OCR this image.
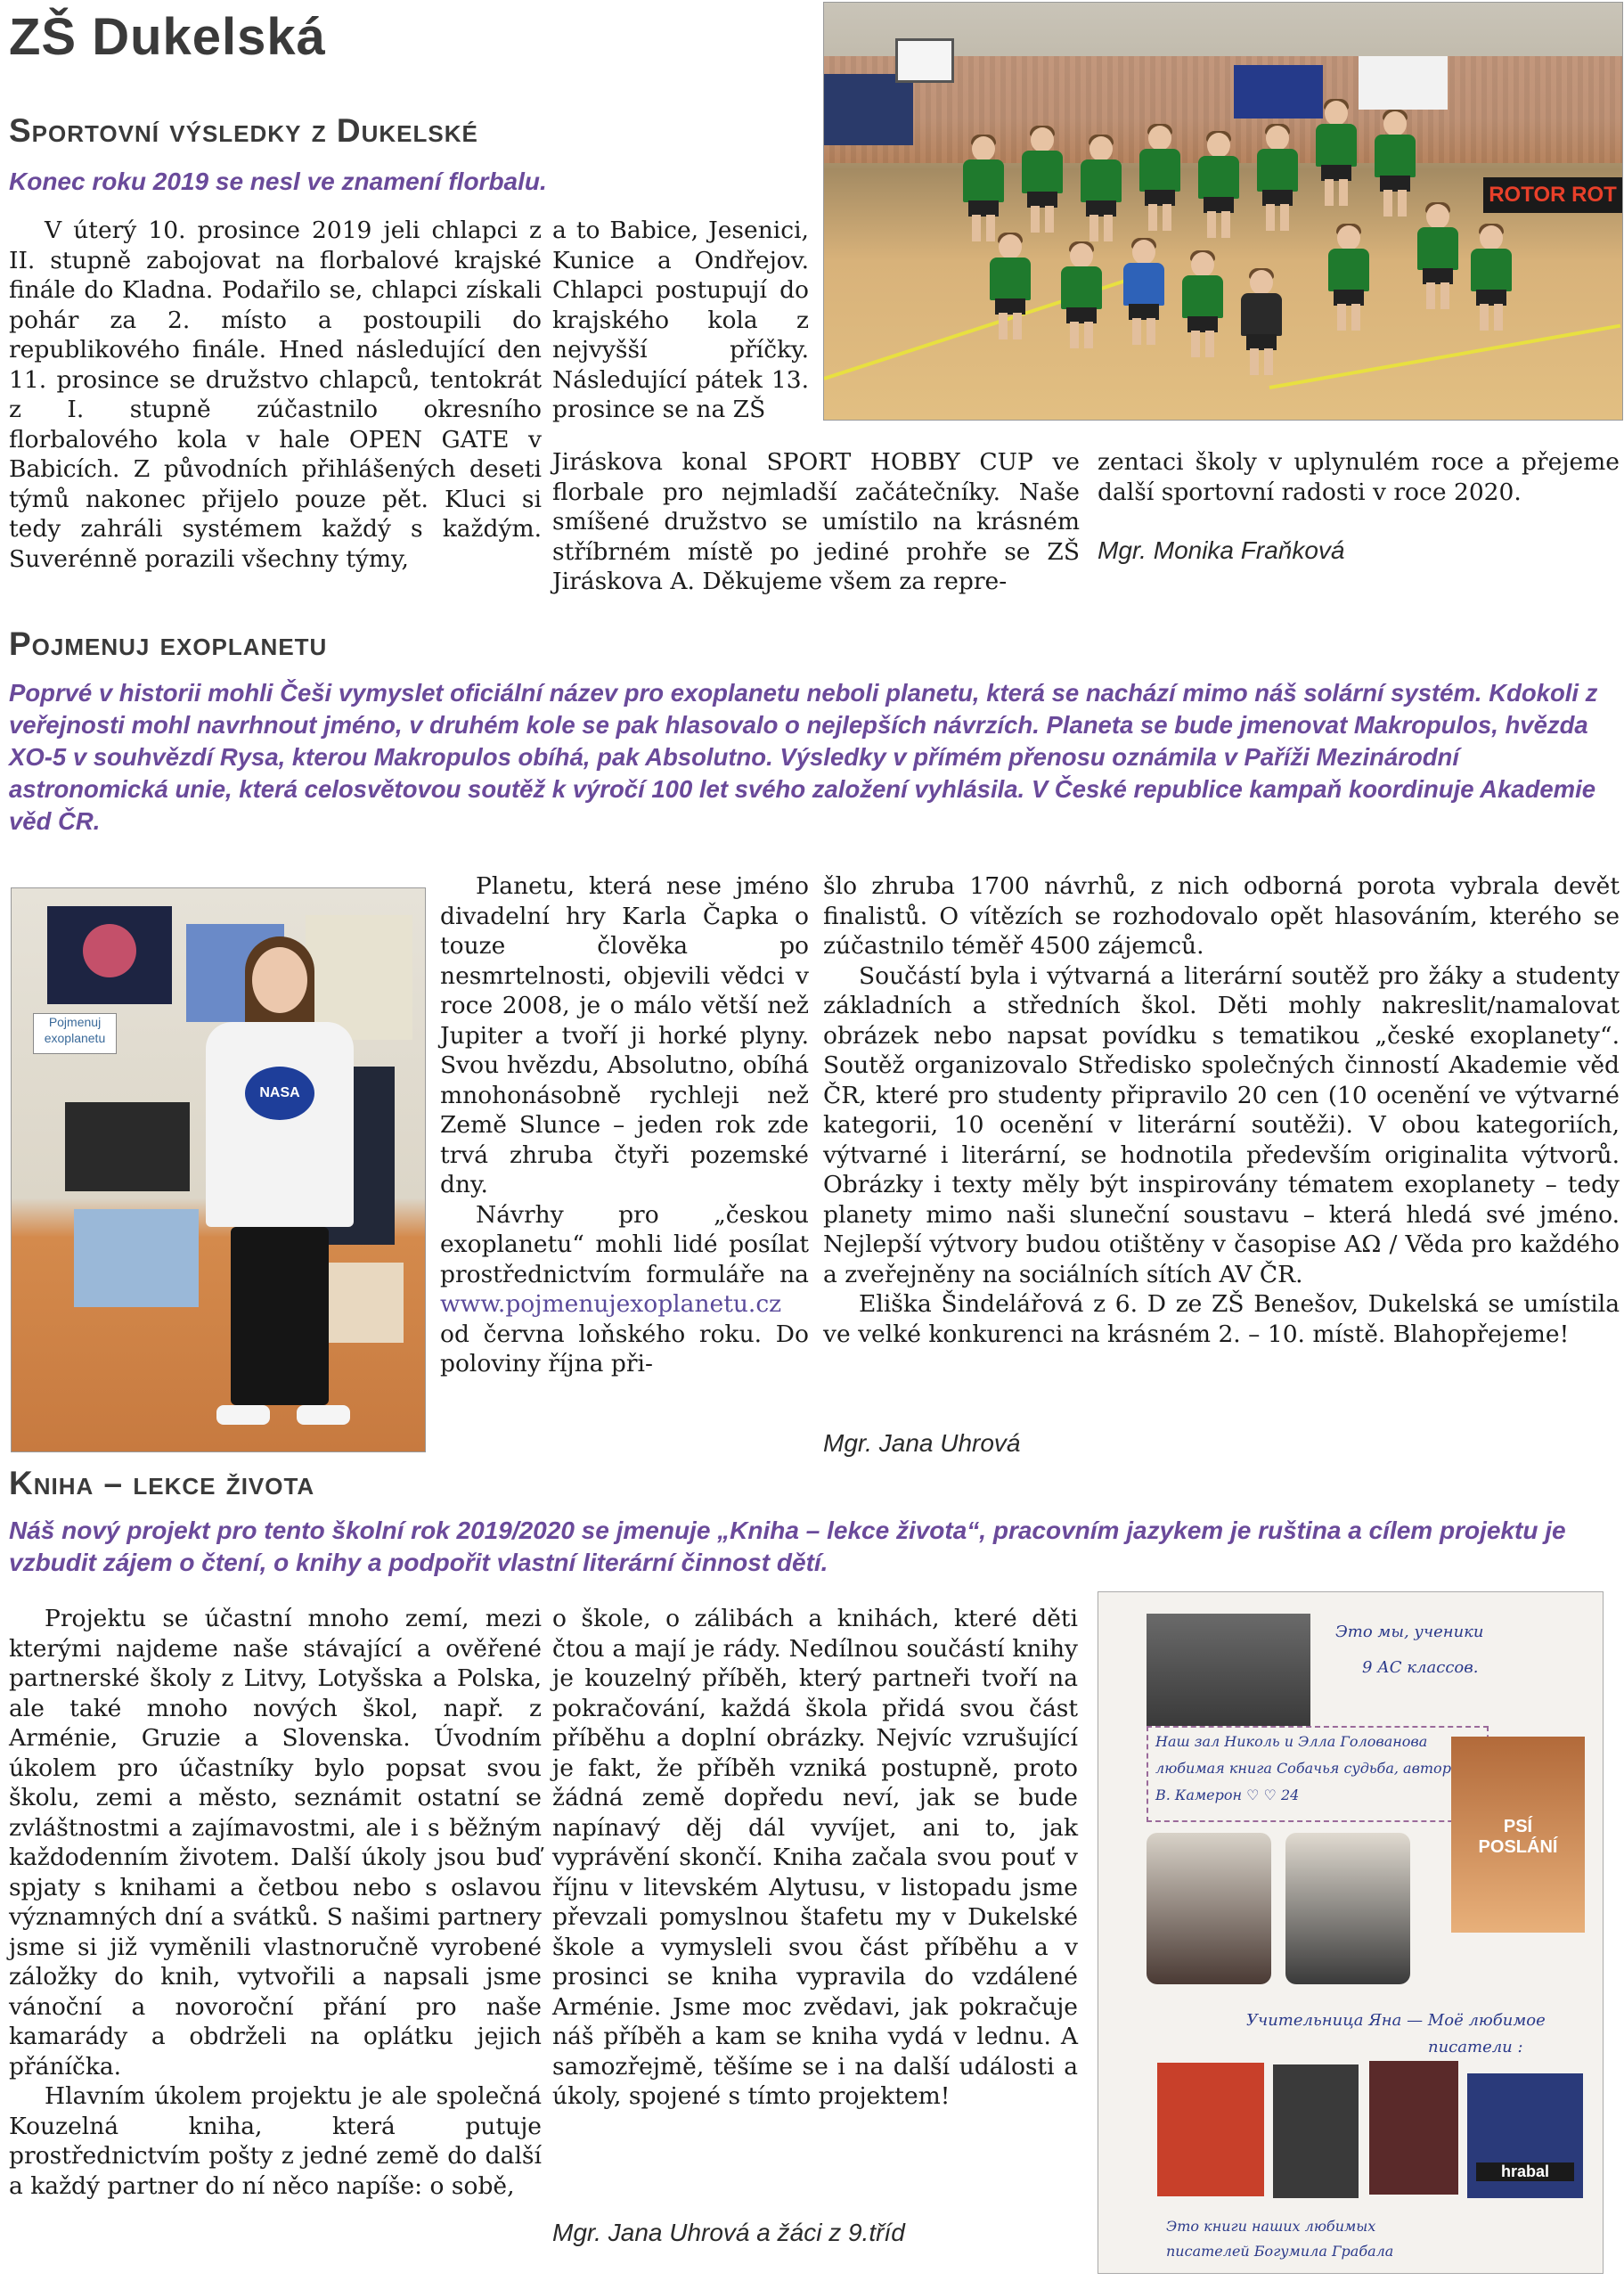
ZŠ Dukelská
Sportovní výsledky z Dukelské
Konec roku 2019 se nesl ve znamení florbalu.

V úterý 10. prosince 2019 jeli chlapci z II. stupně zabojovat na florbalové krajské finále do Kladna. Podařilo se, chlapci získali pohár za 2. místo a postoupili do republikového finále. Hned následující den 11. prosince se družstvo chlapců, tentokrát z I. stupně zúčastnilo okresního florbalového kola v hale OPEN GATE v Babicích. Z původních přihlášených deseti týmů nakonec přijelo pouze pět. Kluci si tedy zahráli systémem každý s každým. Suverénně porazili všechny týmy,

a to Babice, Jesenici, Kunice a Ondřejov. Chlapci postupují do krajského kola z nejvyšší příčky. Následující pátek 13. prosince se na ZŠ

Jiráskova konal SPORT HOBBY CUP ve florbale pro nejmladší začátečníky. Naše smíšené družstvo se umístilo na krásném stříbrném místě po jediné prohře se ZŠ Jiráskova A. Děkujeme všem za repre-

zentaci školy v uplynulém roce a přejeme další sportovní radosti v roce 2020.

Mgr. Monika Fraňková
ROTOR ROT
Pojmenuj exoplanetu
Poprvé v historii mohli Češi vymyslet oficiální název pro exoplanetu neboli planetu, která se nachází mimo náš solární systém. Kdokoli z veřejnosti mohl navrhnout jméno, v druhém kole se pak hlasovalo o nejlepších návrzích. Planeta se bude jmenovat Makropulos, hvězda XO-5 v souhvězdí Rysa, kterou Makropulos obíhá, pak Absolutno. Výsledky v přímém přenosu oznámila v Paříži Mezinárodní astronomická unie, která celosvětovou soutěž k výročí 100 let svého založení vyhlásila. V České republice kampaň koordinuje Akademie věd ČR.
Pojmenuj exoplanetu
NASA

Planetu, která nese jméno divadelní hry Karla Čapka o touze člověka po nesmrtelnosti, objevili vědci v roce 2008, je o málo větší než Jupiter a tvoří ji horké plyny. Svou hvězdu, Absolutno, obíhá mnohonásobně rychleji než Země Slunce – jeden rok zde trvá zhruba čtyři pozemské dny.

Návrhy pro „českou exoplanetu“ mohli lidé posílat prostřednictvím formuláře na www.pojmenujexoplanetu.cz od června loňského roku. Do poloviny října při-

šlo zhruba 1700 návrhů, z nich odborná porota vybrala devět finalistů. O vítězích se rozhodovalo opět hlasováním, kterého se zúčastnilo téměř 4500 zájemců.

Součástí byla i výtvarná a literární soutěž pro žáky a studenty základních a středních škol. Děti mohly nakreslit/namalovat obrázek nebo napsat povídku s tematikou „české exoplanety“. Soutěž organizovalo Středisko společných činností Akademie věd ČR, které pro studenty připravilo 20 cen (10 ocenění ve výtvarné kategorii, 10 ocenění v literární soutěži). V obou kategoriích, výtvarné i literární, se hodnotila především originalita výtvorů. Obrázky i texty měly být inspirovány tématem exoplanety – tedy planety mimo naši sluneční soustavu – která hledá své jméno. Nejlepší výtvory budou otištěny v časopise AΩ / Věda pro každého a zveřejněny na sociálních sítích AV ČR.

Eliška Šindelářová z 6. D ze ZŠ Benešov, Dukelská se umístila ve velké konkurenci na krásném 2. – 10. místě. Blahopřejeme!

Mgr. Jana Uhrová
Kniha – lekce života
Náš nový projekt pro tento školní rok 2019/2020 se jmenuje „Kniha – lekce života“, pracovním jazykem je ruština a cílem projektu je vzbudit zájem o čtení, o knihy a podpořit vlastní literární činnost dětí.

Projektu se účastní mnoho zemí, mezi kterými najdeme naše stávající a ověřené partnerské školy z Litvy, Lotyšska a Polska, ale také mnoho nových škol, např. z Arménie, Gruzie a Slovenska. Úvodním úkolem pro účastníky bylo popsat svou školu, zemi a město, seznámit ostatní se zvláštnostmi a zajímavostmi, ale i s běžným každodenním životem. Další úkoly jsou buď spjaty s knihami a četbou nebo s oslavou významných dní a svátků. S našimi partnery jsme si již vyměnili vlastnoručně vyrobené záložky do knih, vytvořili a napsali jsme vánoční a novoroční přání pro naše kamarády a obdrželi na oplátku jejich přáníčka.

Hlavním úkolem projektu je ale společná Kouzelná kniha, která putuje prostřednictvím pošty z jedné země do další a každý partner do ní něco napíše: o sobě,

o škole, o zálibách a knihách, které děti čtou a mají je rády. Nedílnou součástí knihy je kouzelný příběh, který partneři tvoří na pokračování, každá škola přidá svou část příběhu a doplní obrázky. Nejvíc vzrušující je fakt, že příběh vzniká postupně, proto žádná země dopředu neví, jak se bude napínavý děj dál vyvíjet, ani to, jak vyprávění skončí. Kniha začala svou pouť v říjnu v litevském Alytusu, v listopadu jsme převzali pomyslnou štafetu my v Dukelské škole a vymysleli svou část příběhu a v prosinci se kniha vypravila do vzdálené Arménie. Jsme moc zvědavi, jak pokračuje náš příběh a kam se kniha vydá v lednu. A samozřejmě, těšíme se i na další události a úkoly, spojené s tímto projektem!

Mgr. Jana Uhrová a žáci z 9.tříd
Это мы, ученики
9 АС классов.
Наш зал Николь и Элла Голованова
любимая книга Собачья судьба, автор
В. Камерон ♡ ♡ 24
PSÍ POSLÁNÍ
Учительница Яна — Моё любимое
писатели :
hrabal
Это книги наших любимых
писателей Богумила Грабала
